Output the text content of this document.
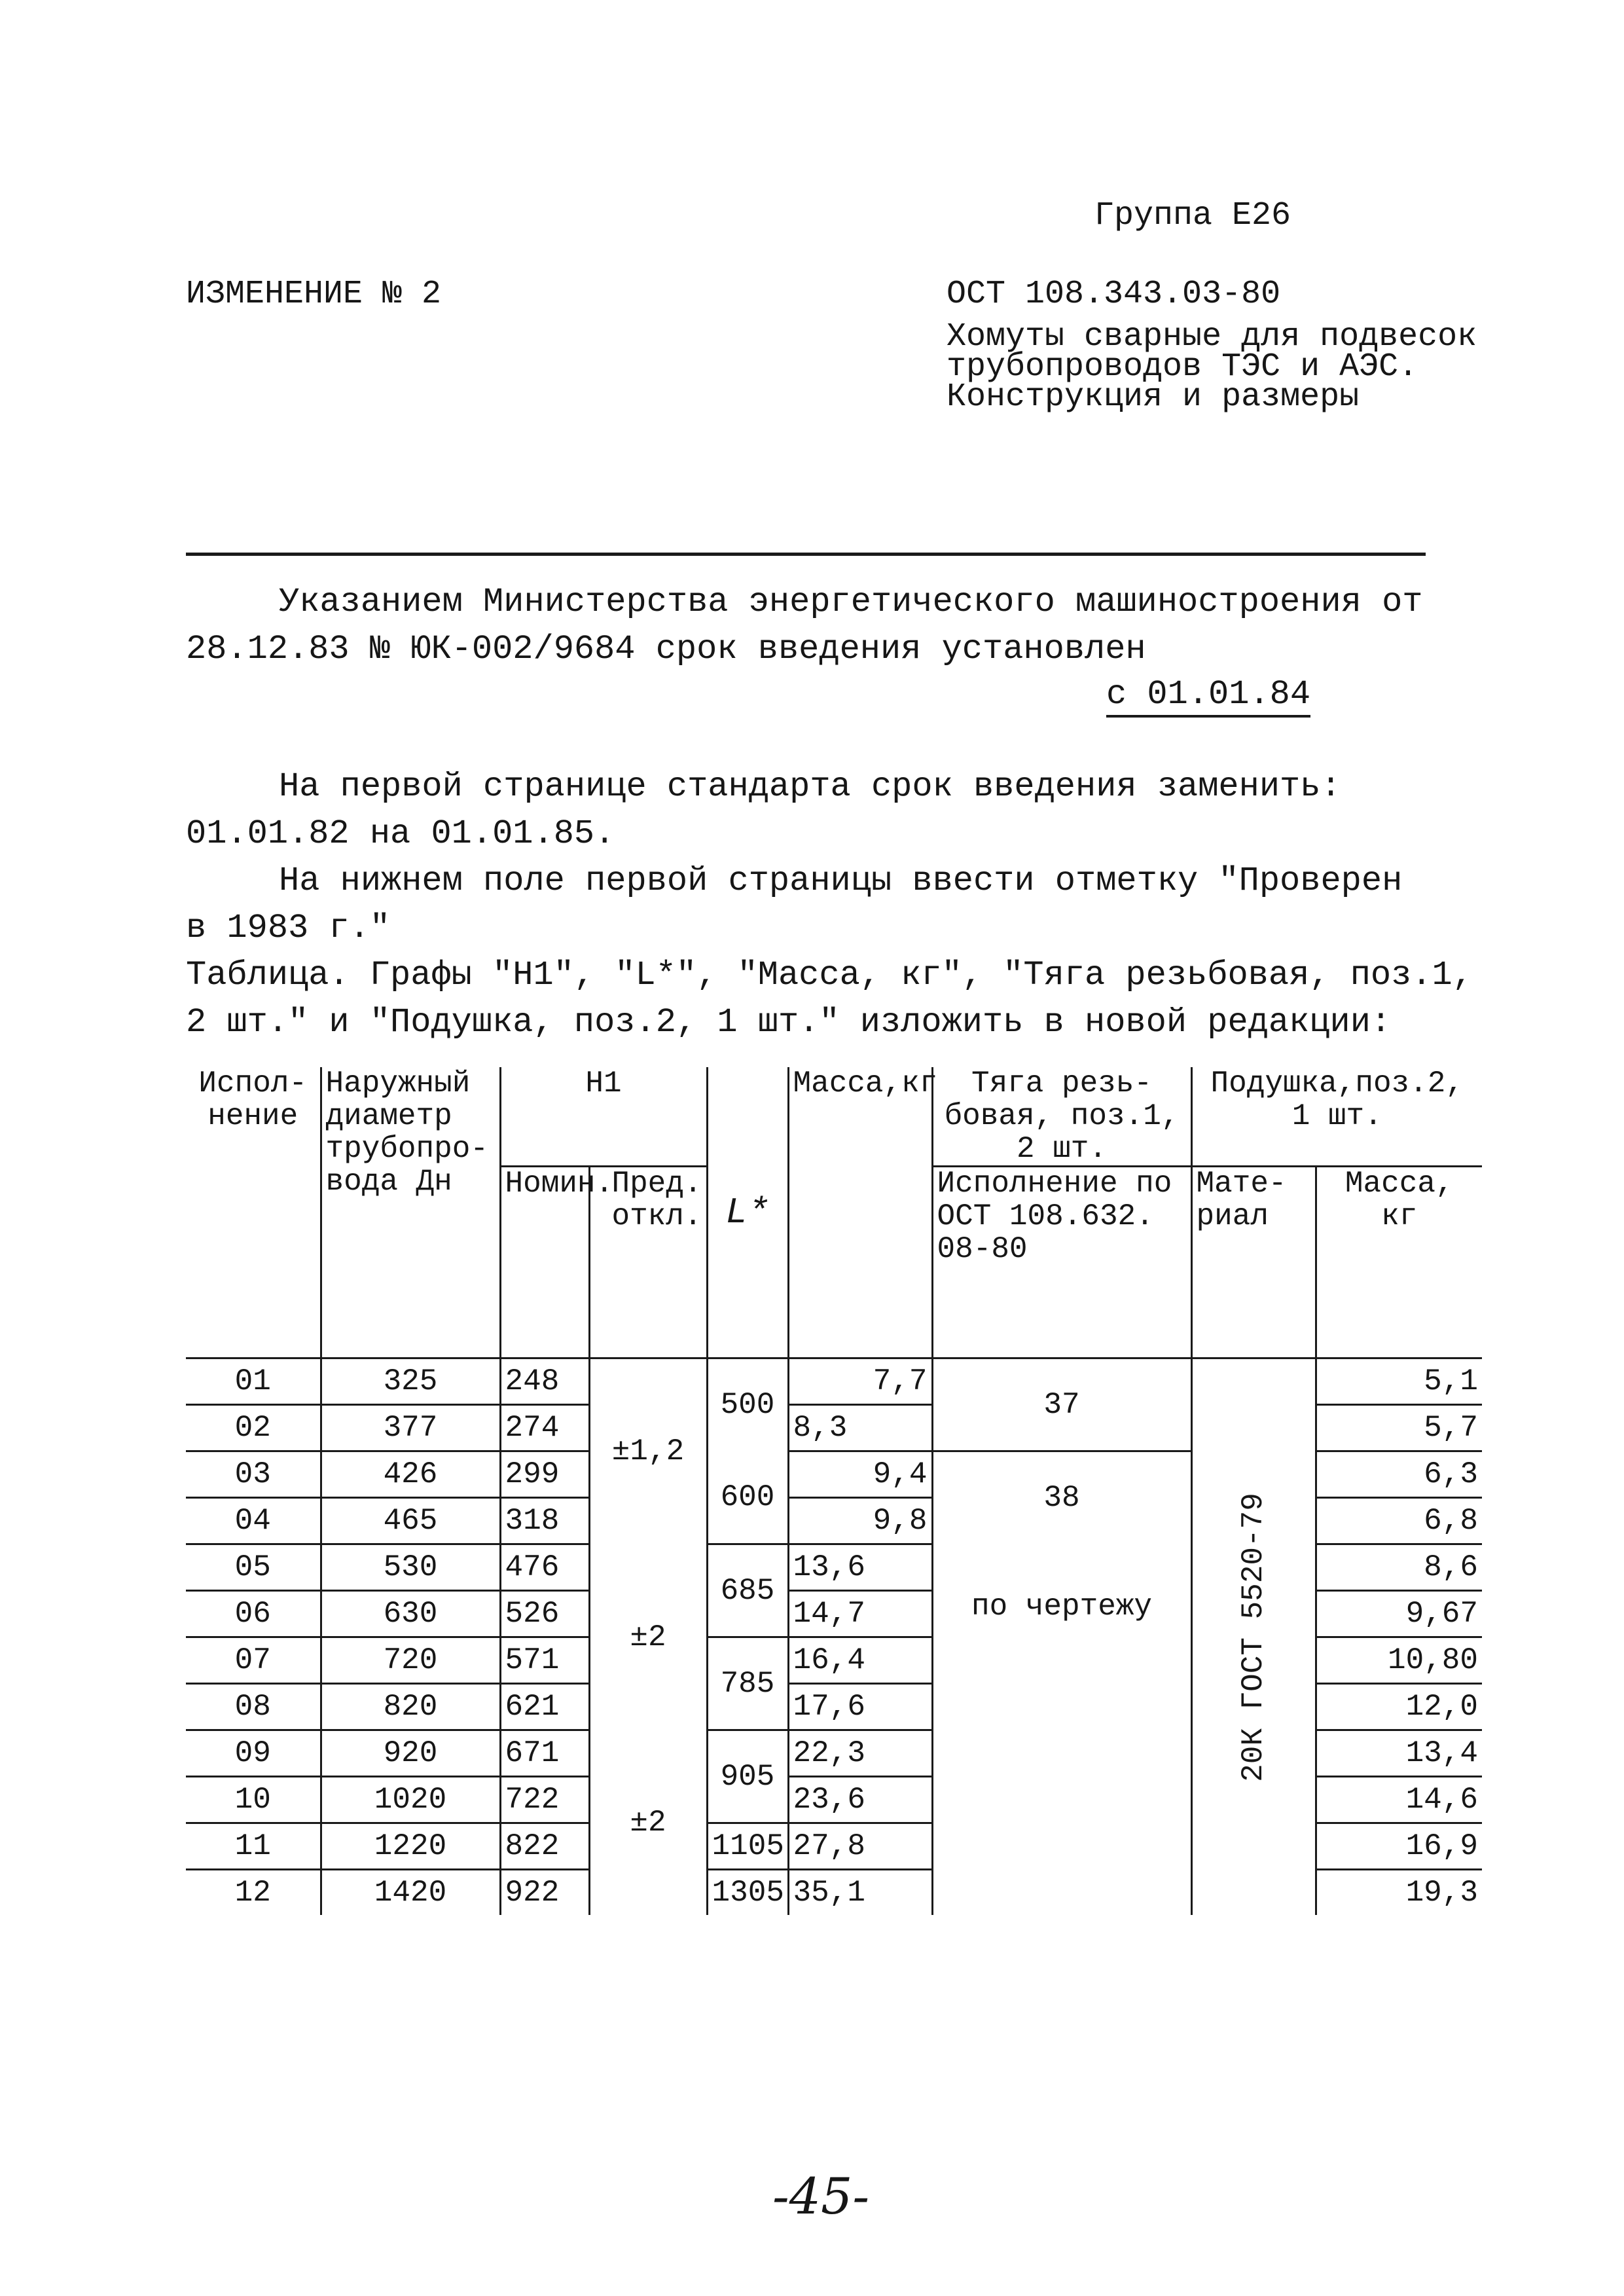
Группа Е26
ИЗМЕНЕНИЕ № 2	ОСТ 108.343.03-80
Хомуты сварные для подвесок
трубопроводов ТЭС и АЭС.
Конструкция и размеры
Указанием Министерства энергетического машиностроения от
28.12.83 № ЮК-002/9684 срок введения установлен
с 01.01.84
На первой странице стандарта срок введения заменить:
01.01.82 на 01.01.85.
На нижнем поле первой страницы ввести отметку "Проверен
в 1983 г."
Таблица. Графы "H1", "L*", "Масса, кг", "Тяга резьбовая, поз.1,
2 шт." и "Подушка, поз.2, 1 шт." изложить в новой редакции:
Испол-нение	Наружный диаметр трубопро-вода Дн	H1		L*	Масса,кг	Тяга резь-бовая, поз.1, 2 шт.	Подушка,поз.2, 1 шт.	
		Номин.	Пред. откл.			Исполнение по ОСТ 108.632. 08-80	Мате-риал	Масса, кг
01	325	248	±1,2	500	7,7	37	20К ГОСТ 5520-79	5,1
02	377	274			8,3			5,7
03	426	299		600	9,4	38		6,3
04	465	318			9,8			6,8
05	530	476	±2	685	13,6	по чертежу		8,6
06	630	526			14,7			9,67
07	720	571		785	16,4			10,80
08	820	621			17,6			12,0
09	920	671	±2	905	22,3			13,4
10	1020	722			23,6			14,6
11	1220	822		1105	27,8			16,9
12	1420	922		1305	35,1			19,3
-45-
